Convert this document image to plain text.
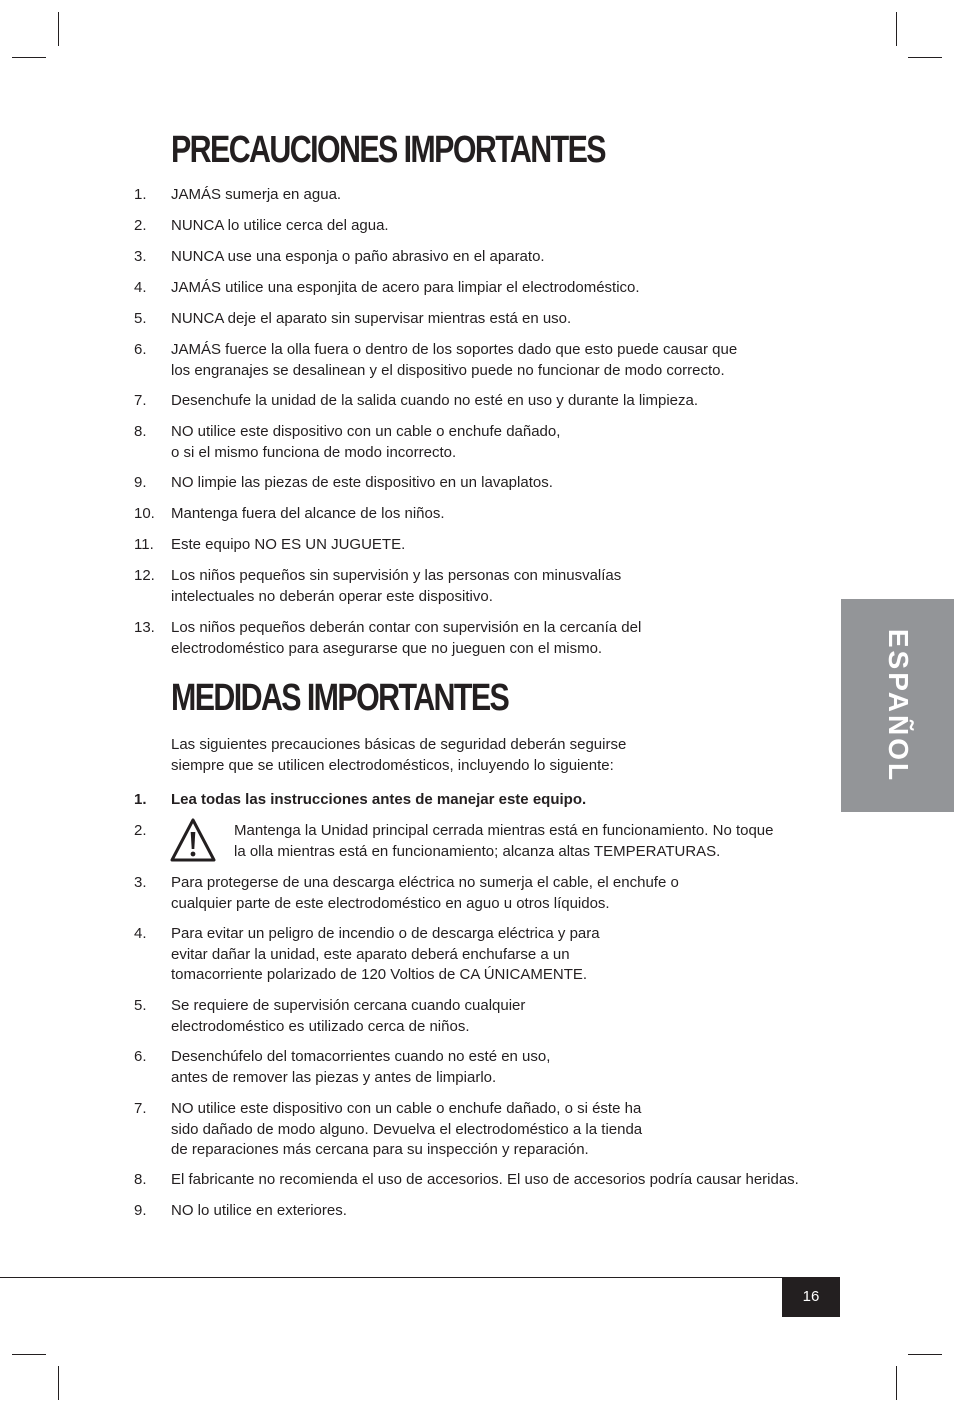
PRECAUCIONES IMPORTANTES
1. JAMÁS sumerja en agua.
2. NUNCA lo utilice cerca del agua.
3. NUNCA use una esponja o paño abrasivo en el aparato.
4. JAMÁS utilice una esponjita de acero para limpiar el electrodoméstico.
5. NUNCA deje el aparato sin supervisar mientras está en uso.
6. JAMÁS fuerce la olla fuera o dentro de los soportes dado que esto puede causar que
los engranajes se desalinean y el dispositivo puede no funcionar de modo correcto.
7. Desenchufe la unidad de la salida cuando no esté en uso y durante la limpieza.
8. NO utilice este dispositivo con un cable o enchufe dañado,
o si el mismo funciona de modo incorrecto.
9. NO limpie las piezas de este dispositivo en un lavaplatos.
10. Mantenga fuera del alcance de los niños.
11. Este equipo NO ES UN JUGUETE.
12. Los niños pequeños sin supervisión y las personas con minusvalías
intelectuales no deberán operar este dispositivo.
13. Los niños pequeños deberán contar con supervisión en la cercanía del
electrodoméstico para asegurarse que no jueguen con el mismo.
MEDIDAS IMPORTANTES
Las siguientes precauciones básicas de seguridad deberán seguirse
siempre que se utilicen electrodomésticos, incluyendo lo siguiente:
1. Lea todas las instrucciones antes de manejar este equipo.
2.	Mantenga la Unidad principal cerrada mientras está en funcionamiento. No toque
la olla mientras está en funcionamiento; alcanza altas TEMPERATURAS.
3. Para protegerse de una descarga eléctrica no sumerja el cable, el enchufe o
cualquier parte de este electrodoméstico en aguo u otros líquidos.
4. Para evitar un peligro de incendio o de descarga eléctrica y para
evitar dañar la unidad, este aparato deberá enchufarse a un
tomacorriente polarizado de 120 Voltios de CA ÚNICAMENTE.
5. Se requiere de supervisión cercana cuando cualquier
electrodoméstico es utilizado cerca de niños.
6. Desenchúfelo del tomacorrientes cuando no esté en uso,
antes de remover las piezas y antes de limpiarlo.
7. NO utilice este dispositivo con un cable o enchufe dañado, o si éste ha
sido dañado de modo alguno. Devuelva el electrodoméstico a la tienda
de reparaciones más cercana para su inspección y reparación.
8. El fabricante no recomienda el uso de accesorios. El uso de accesorios podría causar heridas.
9. NO lo utilice en exteriores.
ESPAÑOL
16
